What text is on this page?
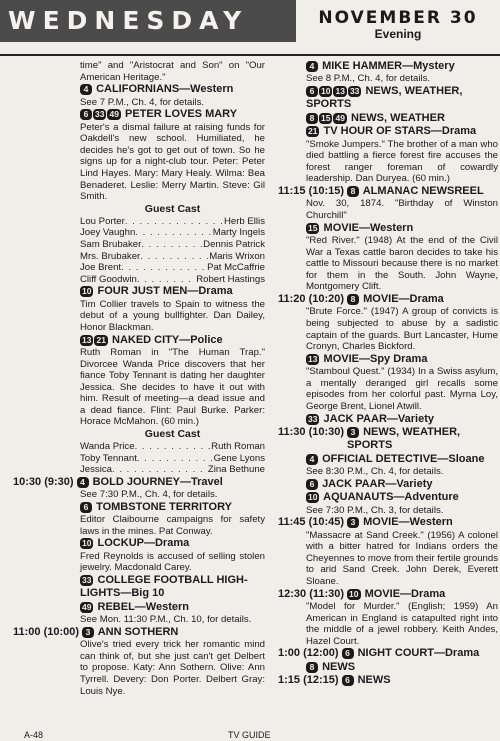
WEDNESDAY	NOVEMBER 30
Evening
time" and "Aristocrat and Son" on "Our American Heritage."
4 CALIFORNIANS—Western
See 7 P.M., Ch. 4, for details.
6 33 49 PETER LOVES MARY
Peter's a dismal failure at raising funds for Oakdell's new school. Humiliated, he decides he's got to get out of town. So he signs up for a night-club tour. Peter: Peter Lind Hayes. Mary: Mary Healy. Wilma: Bea Benaderet. Leslie: Merry Martin. Steve: Gil Smith.
Guest Cast
Lou Porter . . .	Herb Ellis
Joey Vaughn . . .	Marty Ingels
Sam Brubaker . . .	Dennis Patrick
Mrs. Brubaker . . .	Maris Wrixon
Joe Brent . . .	Pat McCaffrie
Cliff Goodwin . . .	Robert Hastings
10 FOUR JUST MEN—Drama
Tim Collier travels to Spain to witness the debut of a young bullfighter. Dan Dailey, Honor Blackman.
13 21 NAKED CITY—Police
Ruth Roman in "The Human Trap." Divorcee Wanda Price discovers that her fiance Toby Tennant is dating her daughter Jessica. She decides to have it out with him. Result of meeting—a dead issue and a dead fiance. Flint: Paul Burke. Parker: Horace McMahon. (60 min.)
Guest Cast
Wanda Price . . .	Ruth Roman
Toby Tennant . . .	Gene Lyons
Jessica . . .	Zina Bethune
10:30 (9:30) 4 BOLD JOURNEY—Travel
See 7:30 P.M., Ch. 4, for details.
6 TOMBSTONE TERRITORY
Editor Claibourne campaigns for safety laws in the mines. Pat Conway.
10 LOCKUP—Drama
Fred Reynolds is accused of selling stolen jewelry. Macdonald Carey.
33 COLLEGE FOOTBALL HIGH-LIGHTS—Big 10
49 REBEL—Western
See Mon. 11:30 P.M., Ch. 10, for details.
11:00 (10:00) 3 ANN SOTHERN
Olive's tried every trick her romantic mind can think of, but she just can't get Delbert to propose. Katy: Ann Sothern. Olive: Ann Tyrrell. Devery: Don Porter. Delbert Gray: Louis Nye.
4 MIKE HAMMER—Mystery
See 8 P.M., Ch. 4, for details.
6 10 13 33 NEWS, WEATHER, SPORTS
8 15 49 NEWS, WEATHER
21 TV HOUR OF STARS—Drama
"Smoke Jumpers." The brother of a man who died battling a fierce forest fire accuses the forest ranger foreman of cowardly leadership. Dan Duryea. (60 min.)
11:15 (10:15) 8 ALMANAC NEWSREEL
Nov. 30, 1874. "Birthday of Winston Churchill"
15 MOVIE—Western
"Red River." (1948) At the end of the Civil War a Texas cattle baron decides to take his cattle to Missouri because there is no market for them in the South. John Wayne, Montgomery Clift.
11:20 (10:20) 8 MOVIE—Drama
"Brute Force." (1947) A group of convicts is being subjected to abuse by a sadistic captain of the guards. Burt Lancaster, Hume Cronyn, Charles Bickford.
13 MOVIE—Spy Drama
"Stamboul Quest." (1934) In a Swiss asylum, a mentally deranged girl recalls some episodes from her colorful past. Myrna Loy, George Brent, Lionel Atwill.
33 JACK PAAR—Variety
11:30 (10:30) 3 NEWS, WEATHER, SPORTS
4 OFFICIAL DETECTIVE—Sloane
See 8:30 P.M., Ch. 4, for details.
6 JACK PAAR—Variety
10 AQUANAUTS—Adventure
See 7:30 P.M., Ch. 3, for details.
11:45 (10:45) 3 MOVIE—Western
"Massacre at Sand Creek." (1956) A colonel with a bitter hatred for Indians orders the Cheyennes to move from their fertile grounds to arid Sand Creek. John Derek, Everett Sloane.
12:30 (11:30) 10 MOVIE—Drama
"Model for Murder." (English; 1959) An American in England is catapulted right into the middle of a jewel robbery. Keith Andes, Hazel Court.
1:00 (12:00) 6 NIGHT COURT—Drama
8 NEWS
1:15 (12:15) 6 NEWS
A-48	TV GUIDE
